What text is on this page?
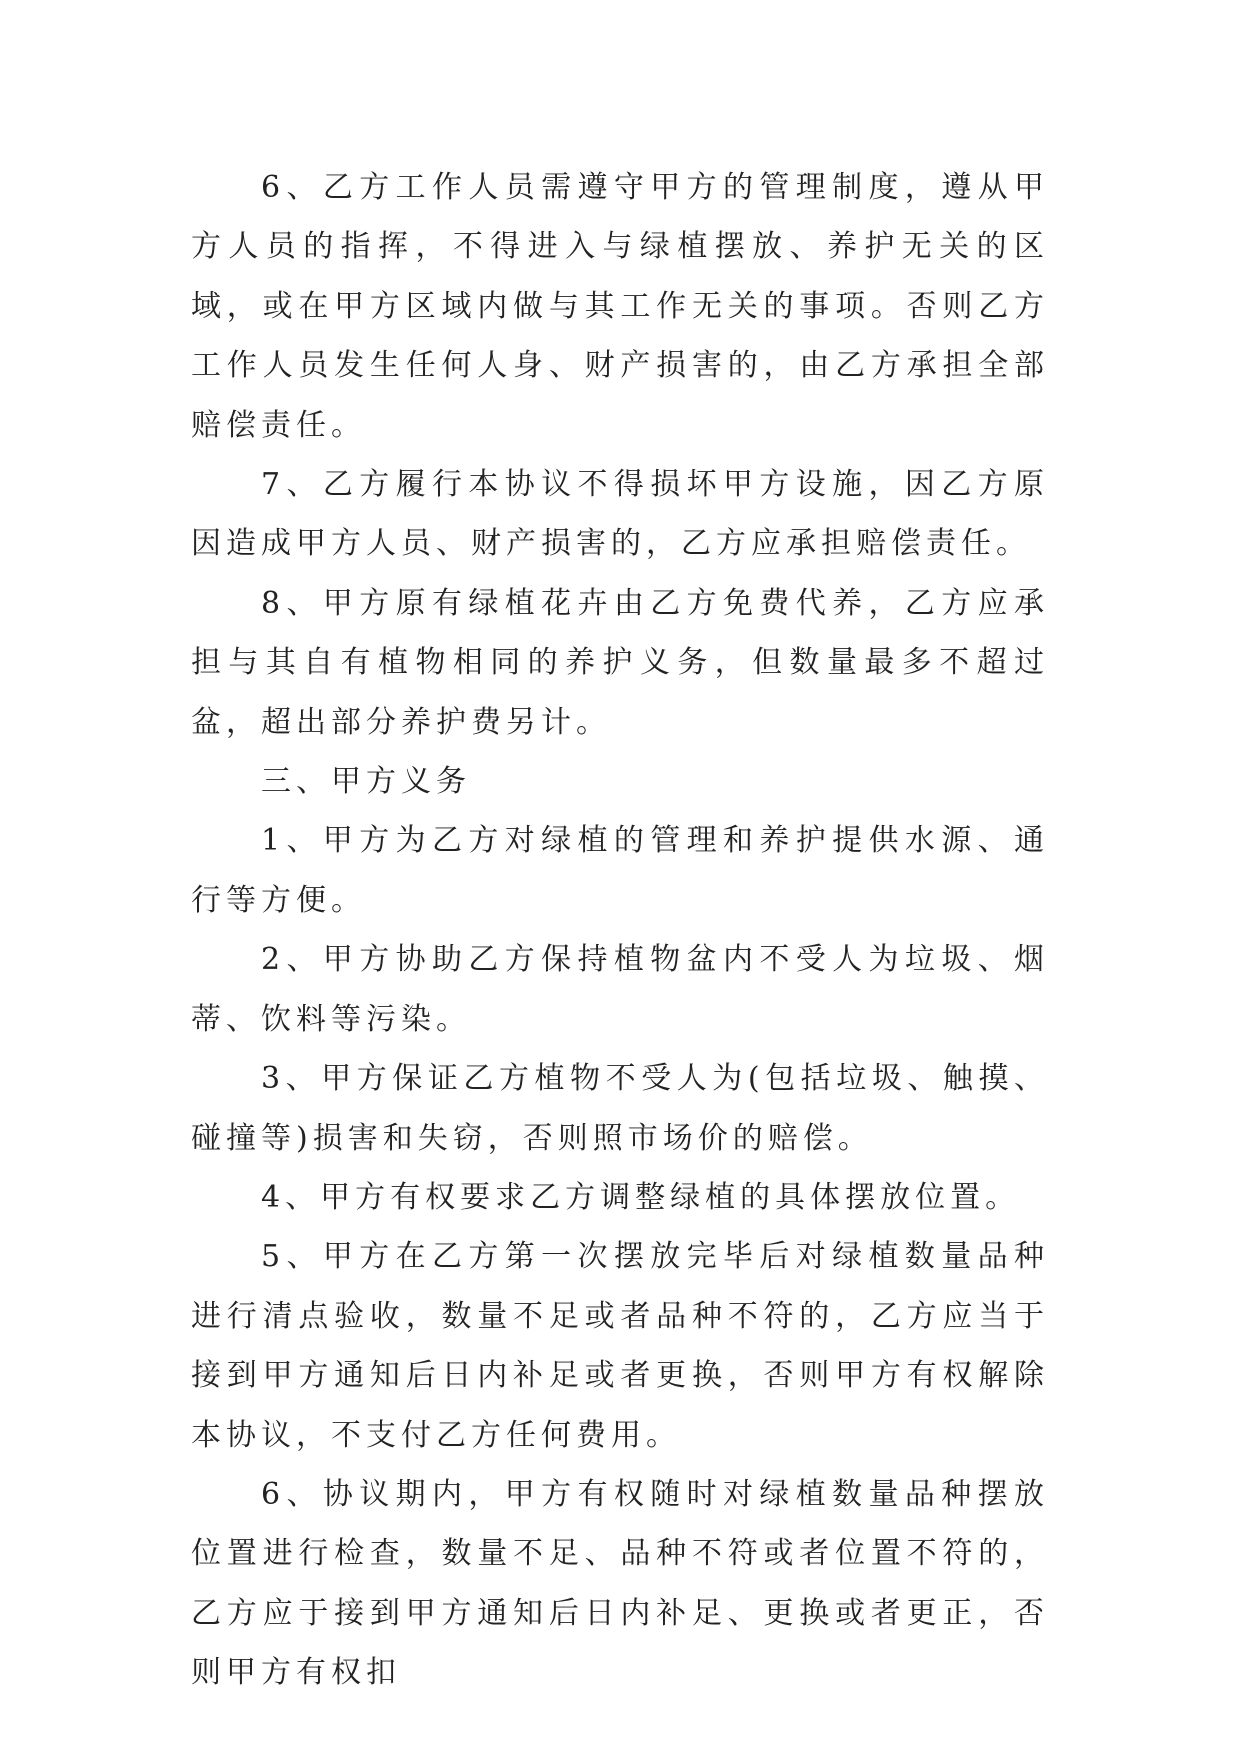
6、乙方工作人员需遵守甲方的管理制度，遵从甲方人员的指挥，不得进入与绿植摆放、养护无关的区域，或在甲方区域内做与其工作无关的事项。否则乙方工作人员发生任何人身、财产损害的，由乙方承担全部赔偿责任。

7、乙方履行本协议不得损坏甲方设施，因乙方原因造成甲方人员、财产损害的，乙方应承担赔偿责任。

8、甲方原有绿植花卉由乙方免费代养，乙方应承担与其自有植物相同的养护义务，但数量最多不超过盆，超出部分养护费另计。

三、甲方义务

1、甲方为乙方对绿植的管理和养护提供水源、通行等方便。

2、甲方协助乙方保持植物盆内不受人为垃圾、烟蒂、饮料等污染。

3、甲方保证乙方植物不受人为(包括垃圾、触摸、碰撞等)损害和失窃，否则照市场价的赔偿。

4、甲方有权要求乙方调整绿植的具体摆放位置。

5、甲方在乙方第一次摆放完毕后对绿植数量品种进行清点验收，数量不足或者品种不符的，乙方应当于接到甲方通知后日内补足或者更换，否则甲方有权解除本协议，不支付乙方任何费用。

6、协议期内，甲方有权随时对绿植数量品种摆放位置进行检查，数量不足、品种不符或者位置不符的，乙方应于接到甲方通知后日内补足、更换或者更正，否则甲方有权扣
